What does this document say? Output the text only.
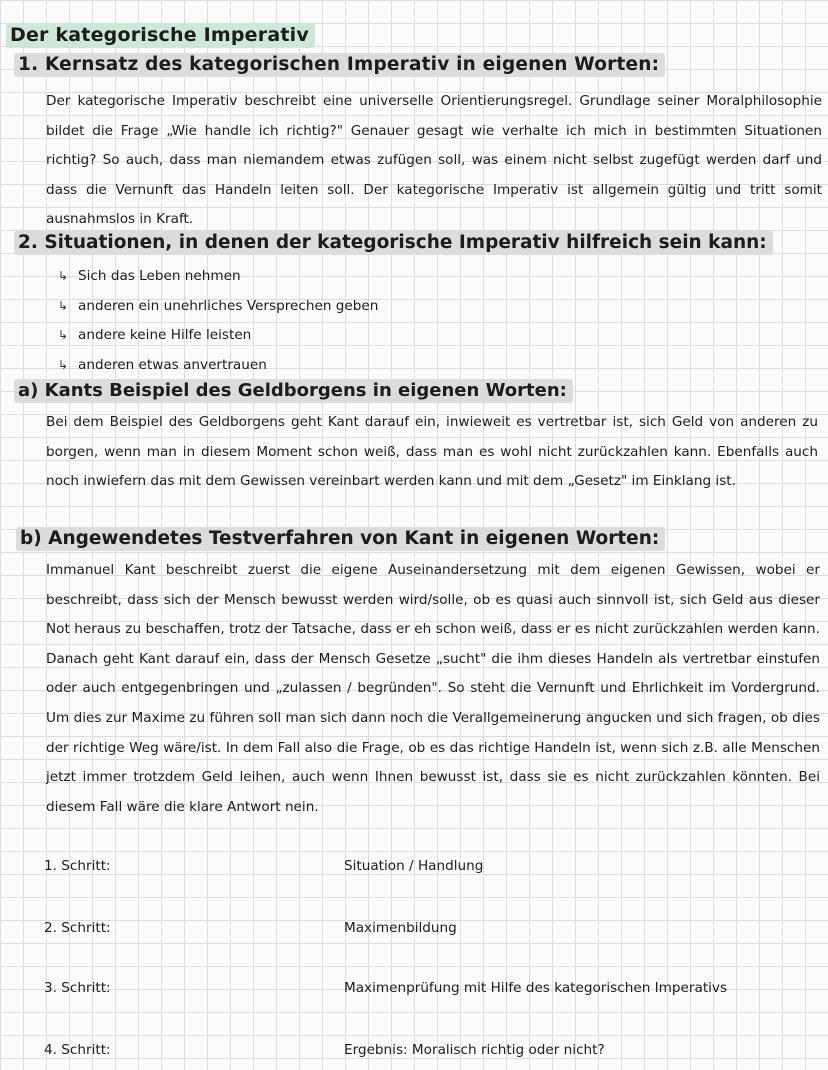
Der kategorische Imperativ
1. Kernsatz des kategorischen Imperativ in eigenen Worten:
Der kategorische Imperativ beschreibt eine universelle Orientierungsregel. Grundlage seiner Moralphilosophie bildet die Frage „Wie handle ich richtig?" Genauer gesagt wie verhalte ich mich in bestimmten Situationen richtig? So auch, dass man niemandem etwas zufügen soll, was einem nicht selbst zugefügt werden darf und dass die Vernunft das Handeln leiten soll. Der kategorische Imperativ ist allgemein gültig und tritt somit ausnahmslos in Kraft.
2. Situationen, in denen der kategorische Imperativ hilfreich sein kann:
↳ Sich das Leben nehmen
↳ anderen ein unehrliches Versprechen geben
↳ andere keine Hilfe leisten
↳ anderen etwas anvertrauen
a) Kants Beispiel des Geldborgens in eigenen Worten:
Bei dem Beispiel des Geldborgens geht Kant darauf ein, inwieweit es vertretbar ist, sich Geld von anderen zu borgen, wenn man in diesem Moment schon weiß, dass man es wohl nicht zurückzahlen kann. Ebenfalls auch noch inwiefern das mit dem Gewissen vereinbart werden kann und mit dem „Gesetz" im Einklang ist.
b) Angewendetes Testverfahren von Kant in eigenen Worten:
Immanuel Kant beschreibt zuerst die eigene Auseinandersetzung mit dem eigenen Gewissen, wobei er beschreibt, dass sich der Mensch bewusst werden wird/solle, ob es quasi auch sinnvoll ist, sich Geld aus dieser Not heraus zu beschaffen, trotz der Tatsache, dass er eh schon weiß, dass er es nicht zurückzahlen werden kann. Danach geht Kant darauf ein, dass der Mensch Gesetze „sucht" die ihm dieses Handeln als vertretbar einstufen oder auch entgegenbringen und „zulassen / begründen". So steht die Vernunft und Ehrlichkeit im Vordergrund. Um dies zur Maxime zu führen soll man sich dann noch die Verallgemeinerung angucken und sich fragen, ob dies der richtige Weg wäre/ist. In dem Fall also die Frage, ob es das richtige Handeln ist, wenn sich z.B. alle Menschen jetzt immer trotzdem Geld leihen, auch wenn Ihnen bewusst ist, dass sie es nicht zurückzahlen könnten. Bei diesem Fall wäre die klare Antwort nein.
1. Schritt:	Situation / Handlung
2. Schritt:	Maximenbildung
3. Schritt:	Maximenprüfung mit Hilfe des kategorischen Imperativs
4. Schritt:	Ergebnis: Moralisch richtig oder nicht?
